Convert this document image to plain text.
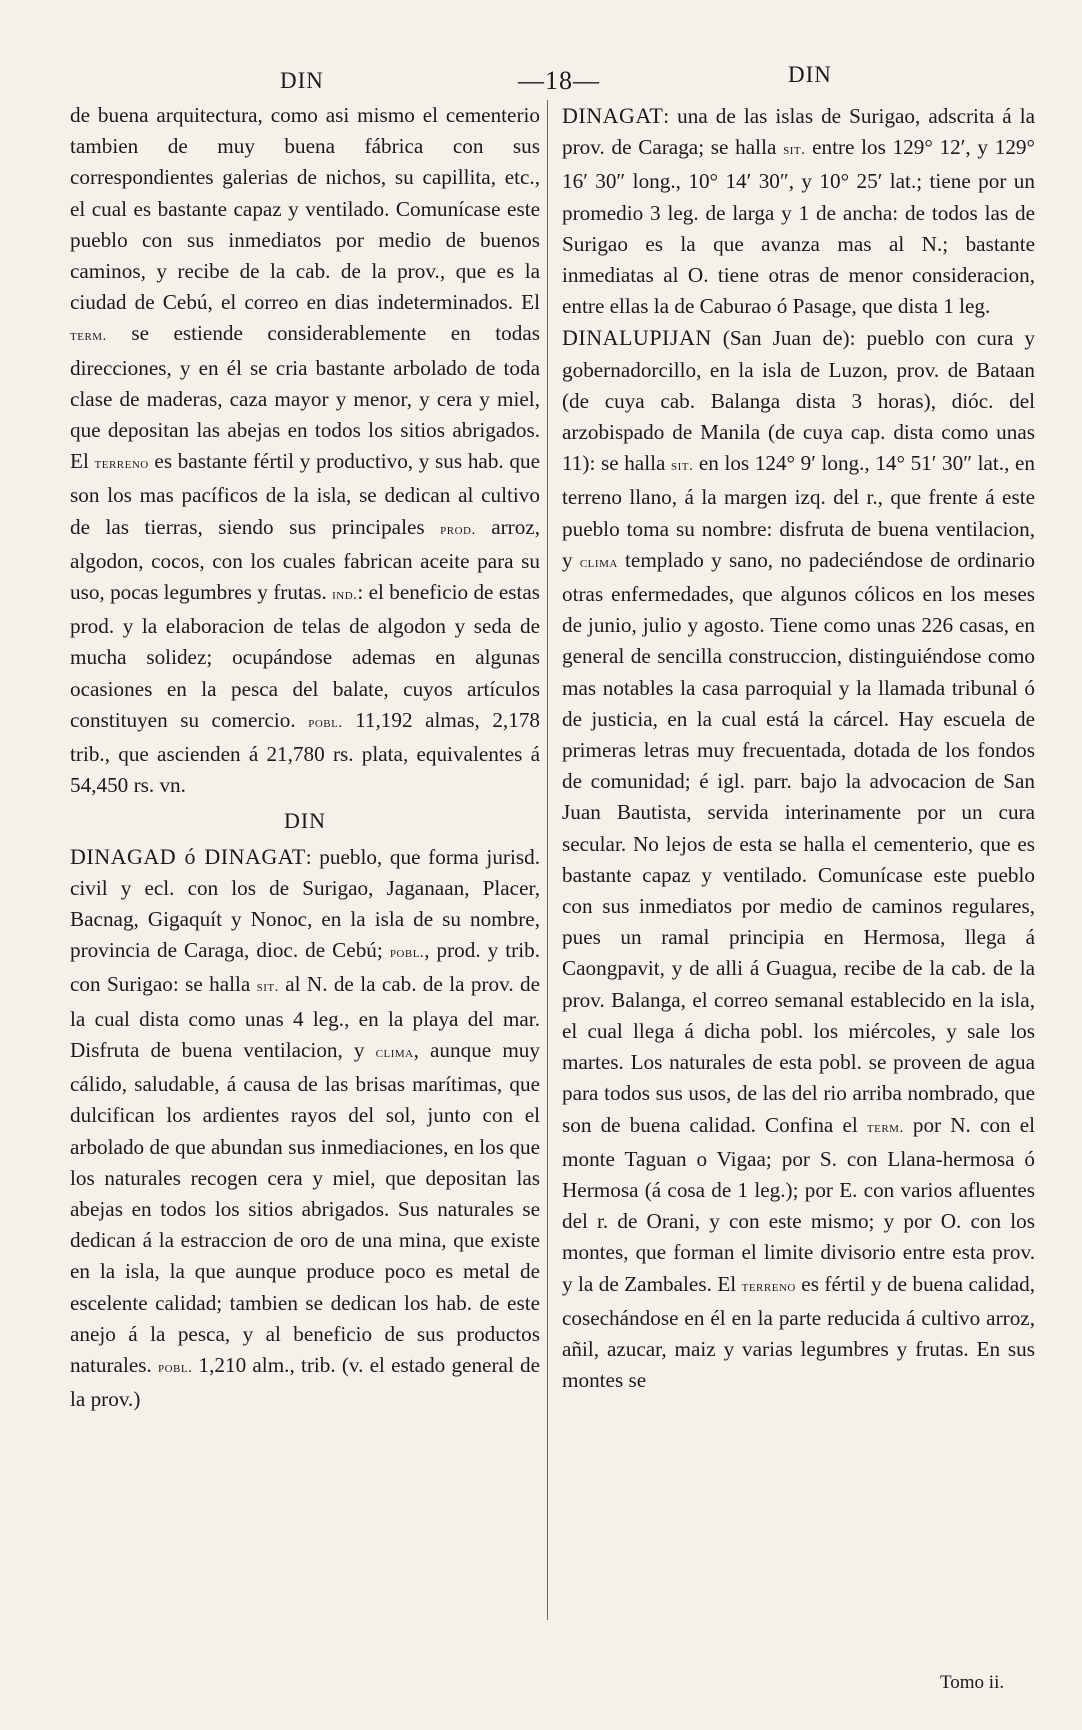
DIN	—18—	DIN

de buena arquitectura, como asi mismo el cementerio tambien de muy buena fábrica con sus correspondientes galerias de nichos, su capillita, etc., el cual es bastante capaz y ventilado. Comunícase este pueblo con sus inmediatos por medio de buenos caminos, y recibe de la cab. de la prov., que es la ciudad de Cebú, el correo en dias indeterminados. El term. se estiende considerablemente en todas direcciones, y en él se cria bastante arbolado de toda clase de maderas, caza mayor y menor, y cera y miel, que depositan las abejas en todos los sitios abrigados. El terreno es bastante fértil y productivo, y sus hab. que son los mas pacíficos de la isla, se dedican al cultivo de las tierras, siendo sus principales prod. arroz, algodon, cocos, con los cuales fabrican aceite para su uso, pocas legumbres y frutas. ind.: el beneficio de estas prod. y la elaboracion de telas de algodon y seda de mucha solidez; ocupándose ademas en algunas ocasiones en la pesca del balate, cuyos artículos constituyen su comercio. pobl. 11,192 almas, 2,178 trib., que ascienden á 21,780 rs. plata, equivalentes á 54,450 rs. vn.

DIN

DINAGAD ó DINAGAT: pueblo, que forma jurisd. civil y ecl. con los de Surigao, Jaganaan, Placer, Bacnag, Gigaquít y Nonoc, en la isla de su nombre, provincia de Caraga, dioc. de Cebú; pobl., prod. y trib. con Surigao: se halla sit. al N. de la cab. de la prov. de la cual dista como unas 4 leg., en la playa del mar. Disfruta de buena ventilacion, y clima, aunque muy cálido, saludable, á causa de las brisas marítimas, que dulcifican los ardientes rayos del sol, junto con el arbolado de que abundan sus inmediaciones, en los que los naturales recogen cera y miel, que depositan las abejas en todos los sitios abrigados. Sus naturales se dedican á la estraccion de oro de una mina, que existe en la isla, la que aunque produce poco es metal de escelente calidad; tambien se dedican los hab. de este anejo á la pesca, y al beneficio de sus productos naturales. pobl. 1,210 alm., trib. (v. el estado general de la prov.)

DINAGAT: una de las islas de Surigao, adscrita á la prov. de Caraga; se halla sit. entre los 129° 12′, y 129° 16′ 30″ long., 10° 14′ 30″, y 10° 25′ lat.; tiene por un promedio 3 leg. de larga y 1 de ancha: de todos las de Surigao es la que avanza mas al N.; bastante inmediatas al O. tiene otras de menor consideracion, entre ellas la de Caburao ó Pasage, que dista 1 leg.

DINALUPIJAN (San Juan de): pueblo con cura y gobernadorcillo, en la isla de Luzon, prov. de Bataan (de cuya cab. Balanga dista 3 horas), dióc. del arzobispado de Manila (de cuya cap. dista como unas 11): se halla sit. en los 124° 9′ long., 14° 51′ 30″ lat., en terreno llano, á la margen izq. del r., que frente á este pueblo toma su nombre: disfruta de buena ventilacion, y clima templado y sano, no padeciéndose de ordinario otras enfermedades, que algunos cólicos en los meses de junio, julio y agosto. Tiene como unas 226 casas, en general de sencilla construccion, distinguiéndose como mas notables la casa parroquial y la llamada tribunal ó de justicia, en la cual está la cárcel. Hay escuela de primeras letras muy frecuentada, dotada de los fondos de comunidad; é igl. parr. bajo la advocacion de San Juan Bautista, servida interinamente por un cura secular. No lejos de esta se halla el cementerio, que es bastante capaz y ventilado. Comunícase este pueblo con sus inmediatos por medio de caminos regulares, pues un ramal principia en Hermosa, llega á Caongpavit, y de alli á Guagua, recibe de la cab. de la prov. Balanga, el correo semanal establecido en la isla, el cual llega á dicha pobl. los miércoles, y sale los martes. Los naturales de esta pobl. se proveen de agua para todos sus usos, de las del rio arriba nombrado, que son de buena calidad. Confina el term. por N. con el monte Taguan o Vigaa; por S. con Llana-hermosa ó Hermosa (á cosa de 1 leg.); por E. con varios afluentes del r. de Orani, y con este mismo; y por O. con los montes, que forman el limite divisorio entre esta prov. y la de Zambales. El terreno es fértil y de buena calidad, cosechándose en él en la parte reducida á cultivo arroz, añil, azucar, maiz y varias legumbres y frutas. En sus montes se

Tomo ii.
